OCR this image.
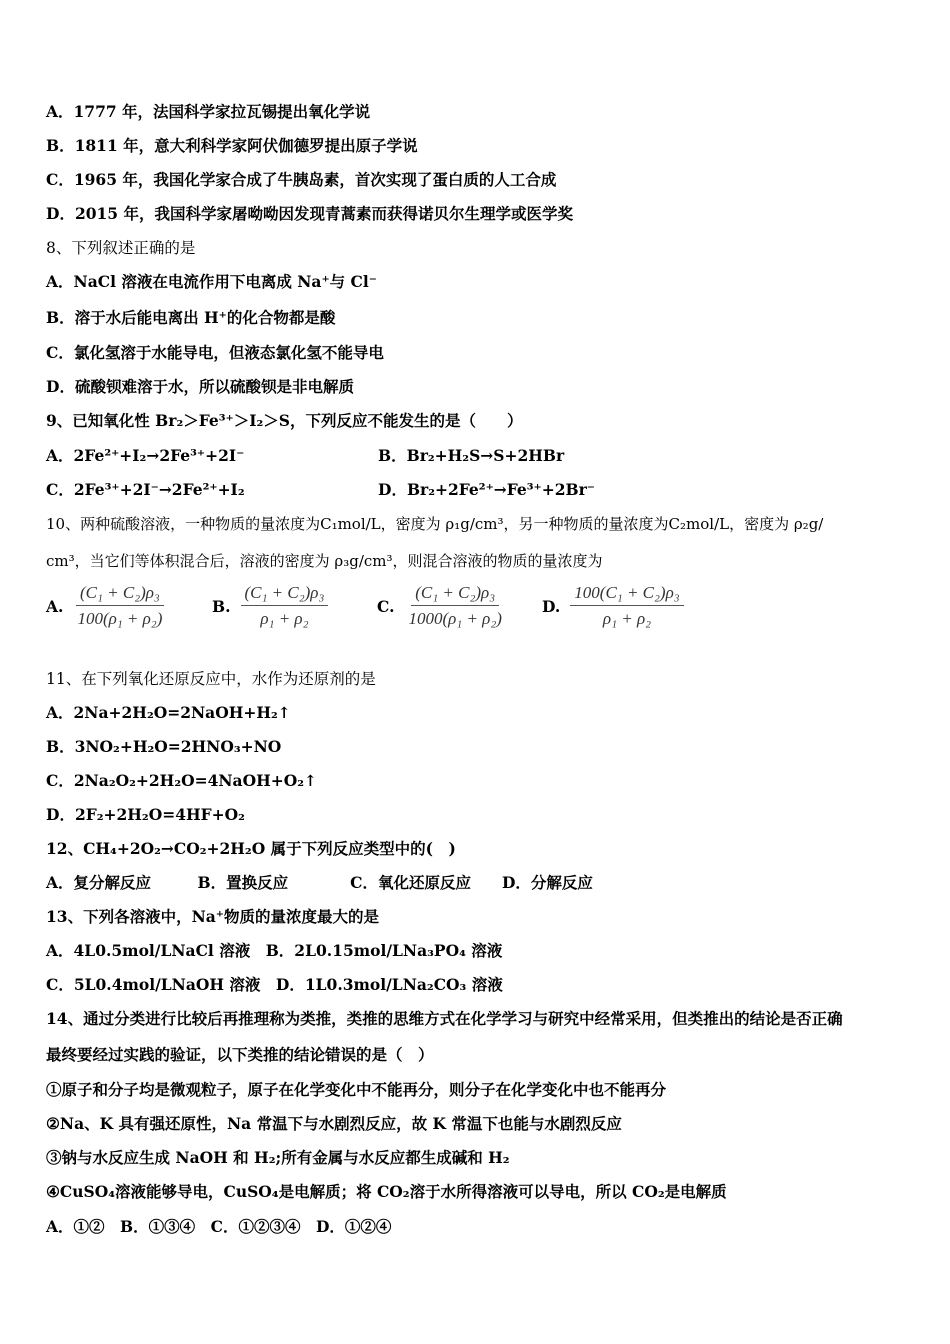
A．1777 年，法国科学家拉瓦锡提出氧化学说
B．1811 年，意大利科学家阿伏伽德罗提出原子学说
C．1965 年，我国化学家合成了牛胰岛素，首次实现了蛋白质的人工合成
D．2015 年，我国科学家屠呦呦因发现青蒿素而获得诺贝尔生理学或医学奖
8、下列叙述正确的是
A．NaCl 溶液在电流作用下电离成 Na⁺与 Cl⁻
B．溶于水后能电离出 H⁺的化合物都是酸
C．氯化氢溶于水能导电，但液态氯化氢不能导电
D．硫酸钡难溶于水，所以硫酸钡是非电解质
9、已知氧化性 Br₂＞Fe³⁺＞I₂＞S，下列反应不能发生的是（　　）
A．2Fe²⁺+I₂→2Fe³⁺+2I⁻	B．Br₂+H₂S→S+2HBr
C．2Fe³⁺+2I⁻→2Fe²⁺+I₂	D．Br₂+2Fe²⁺→Fe³⁺+2Br⁻
10、两种硫酸溶液，一种物质的量浓度为C₁mol/L，密度为 ρ₁g/cm³，另一种物质的量浓度为C₂mol/L，密度为 ρ₂g/
cm³，当它们等体积混合后，溶液的密度为 ρ₃g/cm³，则混合溶液的物质的量浓度为
A. $\frac{\text{(C₁ + C₂)ρ₃}}{\text{100(ρ₁ + ρ₂)}}$	B. $\frac{\text{(C₁ + C₂)ρ₃}}{\text{ρ₁ + ρ₂}}$	C. $\frac{\text{(C₁ + C₂)ρ₃}}{\text{1000(ρ₁ + ρ₂)}} D$. $\frac{\text{100(C₁ + C₂)ρ₃}}{\text{ρ₁ + ρ₂}}$
11、在下列氧化还原反应中，水作为还原剂的是
A．2Na+2H₂O=2NaOH+H₂↑
B．3NO₂+H₂O=2HNO₃+NO
C．2Na₂O₂+2H₂O=4NaOH+O₂↑
D．2F₂+2H₂O=4HF+O₂
12、CH₄+2O₂→CO₂+2H₂O 属于下列反应类型中的(　)
A．复分解反应　　　B．置换反应　　　　C．氧化还原反应　　D．分解反应
13、下列各溶液中，Na⁺物质的量浓度最大的是
A．4L0.5mol/LNaCl 溶液　B．2L0.15mol/LNa₃PO₄ 溶液
C．5L0.4mol/LNaOH 溶液　D．1L0.3mol/LNa₂CO₃ 溶液
14、通过分类进行比较后再推理称为类推，类推的思维方式在化学学习与研究中经常采用，但类推出的结论是否正确
最终要经过实践的验证，以下类推的结论错误的是（　）
①原子和分子均是微观粒子，原子在化学变化中不能再分，则分子在化学变化中也不能再分
②Na、K 具有强还原性，Na 常温下与水剧烈反应，故 K 常温下也能与水剧烈反应
③钠与水反应生成 NaOH 和 H₂;所有金属与水反应都生成碱和 H₂
④CuSO₄溶液能够导电，CuSO₄是电解质；将 CO₂溶于水所得溶液可以导电，所以 CO₂是电解质
A．①②　B．①③④　C．①②③④　D．①②④
